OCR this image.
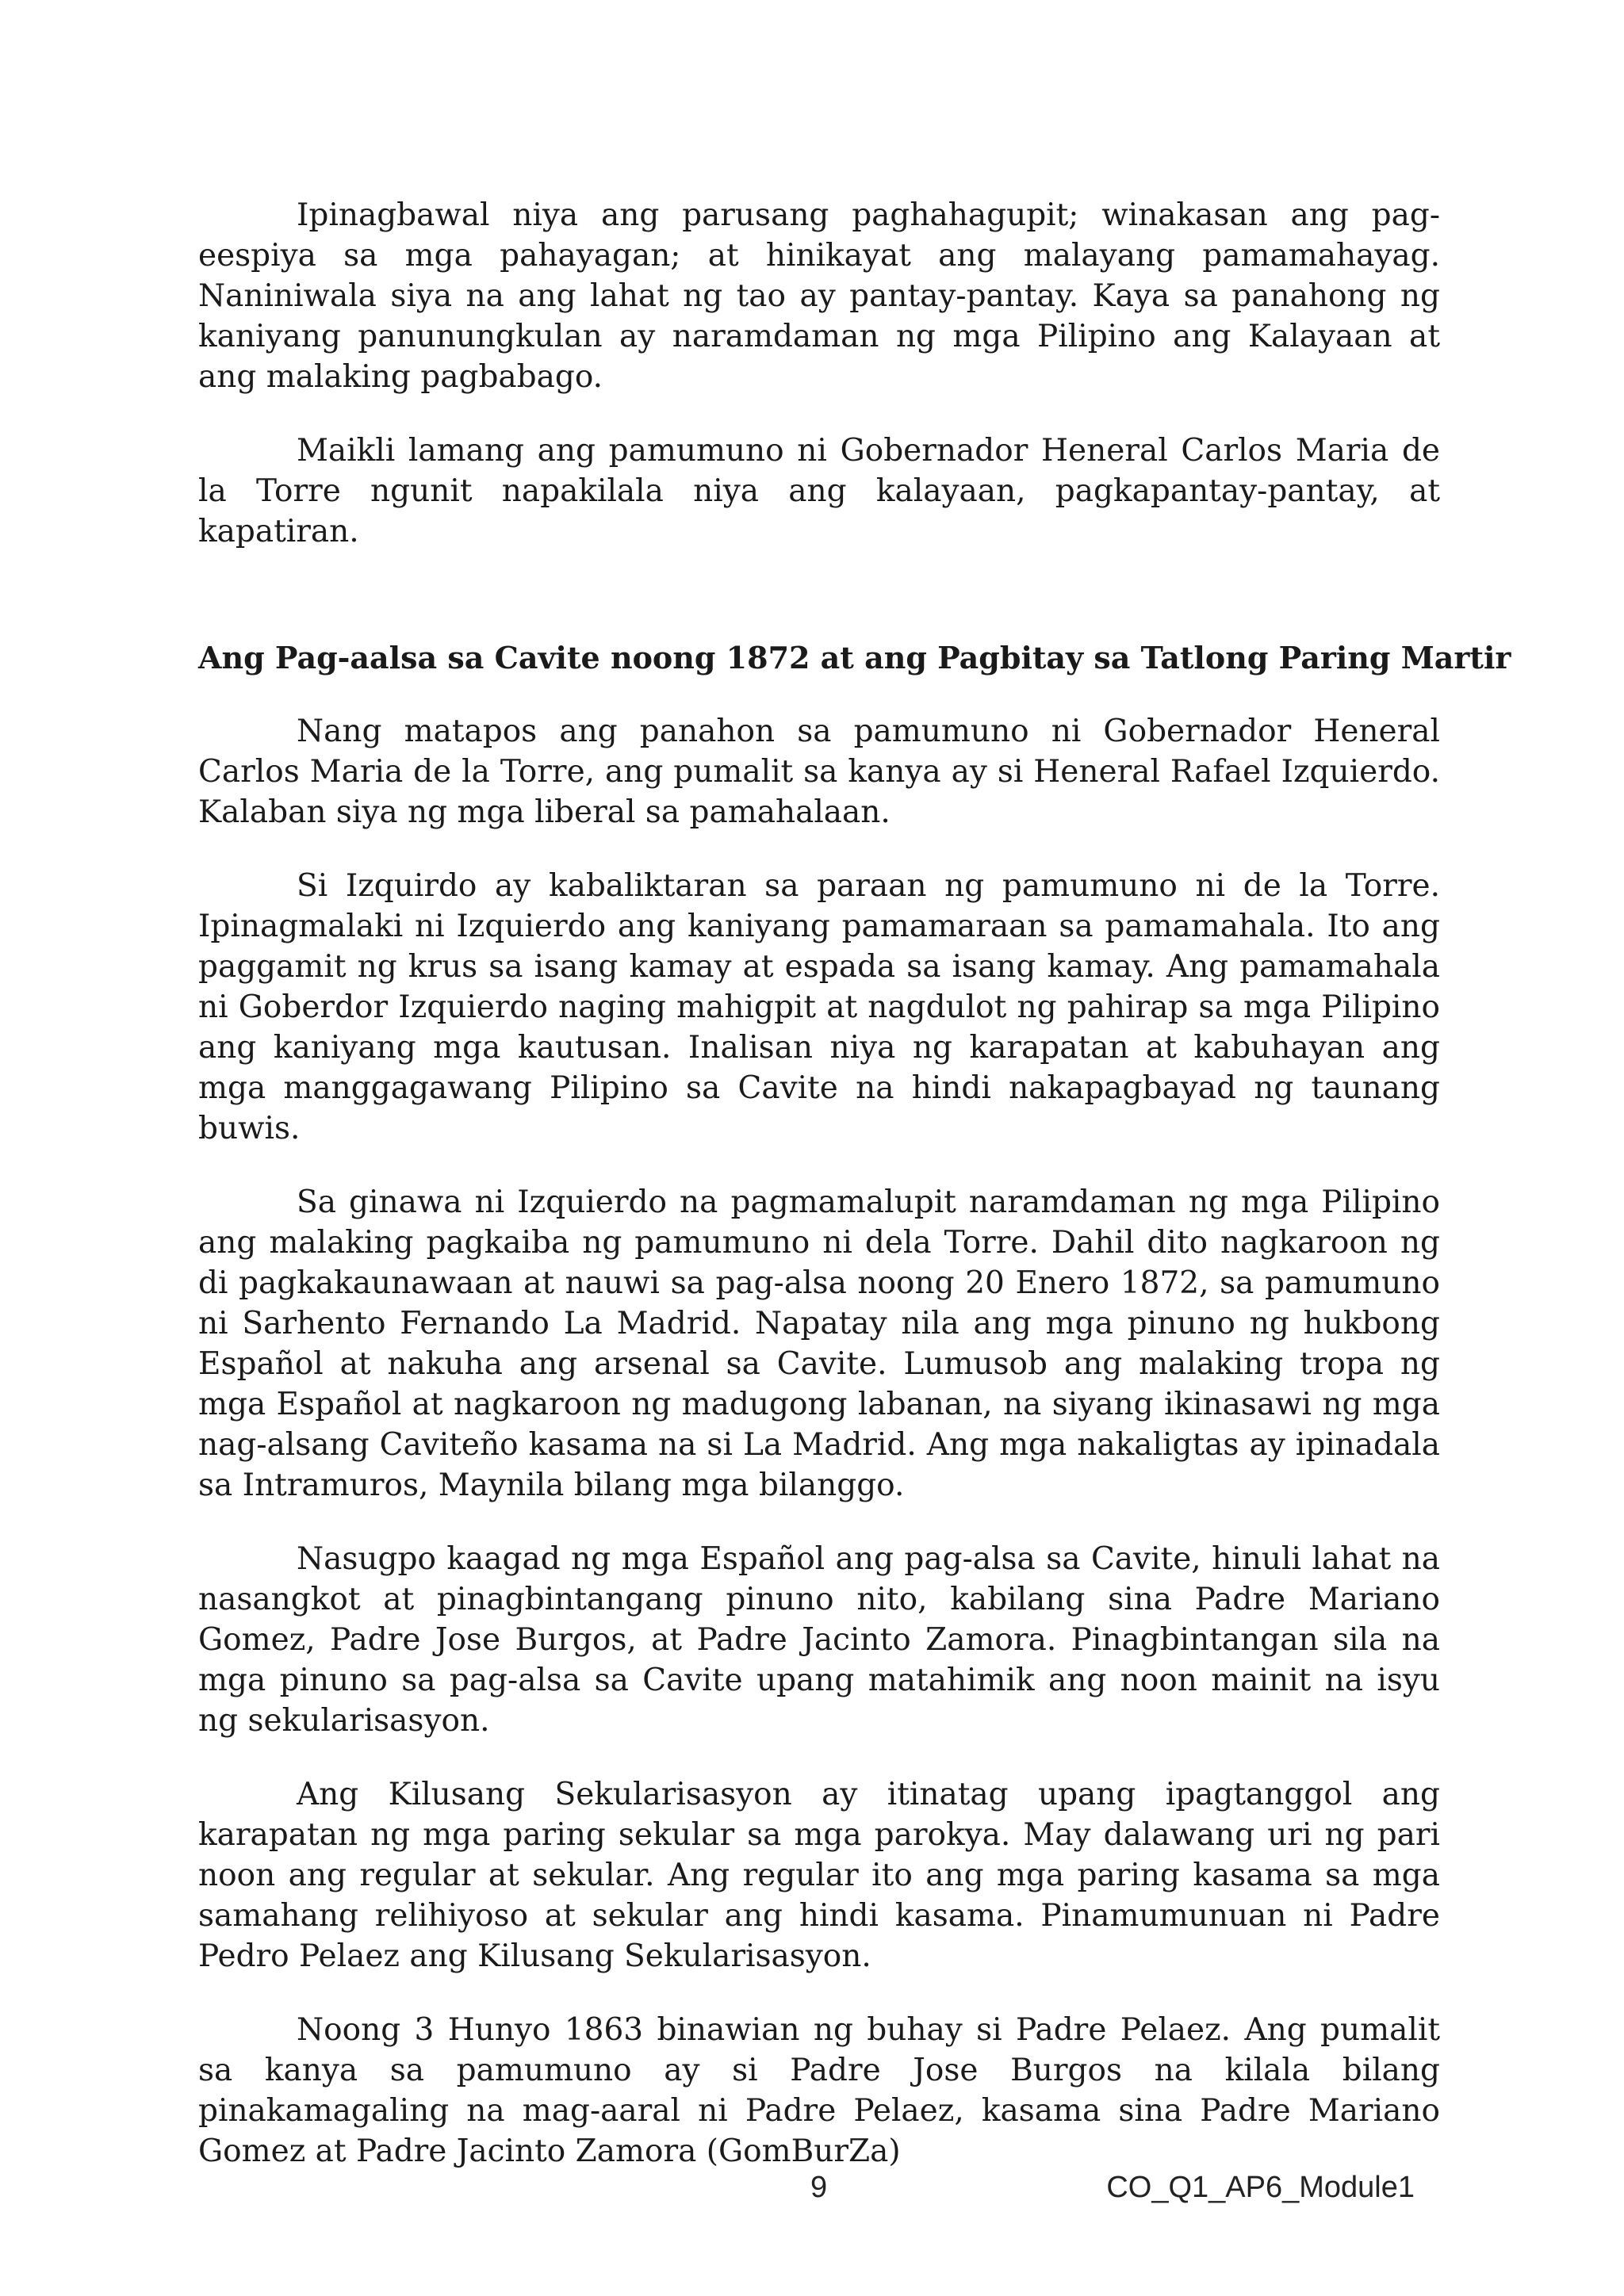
Ipinagbawal niya ang parusang paghahagupit; winakasan ang pag-eespiya sa mga pahayagan; at hinikayat ang malayang pamamahayag. Naniniwala siya na ang lahat ng tao ay pantay-pantay. Kaya sa panahong ng kaniyang panunungkulan ay naramdaman ng mga Pilipino ang Kalayaan at ang malaking pagbabago.

Maikli lamang ang pamumuno ni Gobernador Heneral Carlos Maria de la Torre ngunit napakilala niya ang kalayaan, pagkapantay-pantay, at kapatiran.

Ang Pag-aalsa sa Cavite noong 1872 at ang Pagbitay sa Tatlong Paring Martir

Nang matapos ang panahon sa pamumuno ni Gobernador Heneral Carlos Maria de la Torre, ang pumalit sa kanya ay si Heneral Rafael Izquierdo. Kalaban siya ng mga liberal sa pamahalaan.

Si Izquirdo ay kabaliktaran sa paraan ng pamumuno ni de la Torre. Ipinagmalaki ni Izquierdo ang kaniyang pamamaraan sa pamamahala. Ito ang paggamit ng krus sa isang kamay at espada sa isang kamay. Ang pamamahala ni Goberdor Izquierdo naging mahigpit at nagdulot ng pahirap sa mga Pilipino ang kaniyang mga kautusan. Inalisan niya ng karapatan at kabuhayan ang mga manggagawang Pilipino sa Cavite na hindi nakapagbayad ng taunang buwis.

Sa ginawa ni Izquierdo na pagmamalupit naramdaman ng mga Pilipino ang malaking pagkaiba ng pamumuno ni dela Torre. Dahil dito nagkaroon ng di pagkakaunawaan at nauwi sa pag-alsa noong 20 Enero 1872, sa pamumuno ni Sarhento Fernando La Madrid. Napatay nila ang mga pinuno ng hukbong Español at nakuha ang arsenal sa Cavite. Lumusob ang malaking tropa ng mga Español at nagkaroon ng madugong labanan, na siyang ikinasawi ng mga nag-alsang Caviteño kasama na si La Madrid. Ang mga nakaligtas ay ipinadala sa Intramuros, Maynila bilang mga bilanggo.

Nasugpo kaagad ng mga Español ang pag-alsa sa Cavite, hinuli lahat na nasangkot at pinagbintangang pinuno nito, kabilang sina Padre Mariano Gomez, Padre Jose Burgos, at Padre Jacinto Zamora. Pinagbintangan sila na mga pinuno sa pag-alsa sa Cavite upang matahimik ang noon mainit na isyu ng sekularisasyon.

Ang Kilusang Sekularisasyon ay itinatag upang ipagtanggol ang karapatan ng mga paring sekular sa mga parokya. May dalawang uri ng pari noon ang regular at sekular. Ang regular ito ang mga paring kasama sa mga samahang relihiyoso at sekular ang hindi kasama. Pinamumunuan ni Padre Pedro Pelaez ang Kilusang Sekularisasyon.

Noong 3 Hunyo 1863 binawian ng buhay si Padre Pelaez. Ang pumalit sa kanya sa pamumuno ay si Padre Jose Burgos na kilala bilang pinakamagaling na mag-aaral ni Padre Pelaez, kasama sina Padre Mariano Gomez at Padre Jacinto Zamora (GomBurZa)

9	CO_Q1_AP6_Module1
